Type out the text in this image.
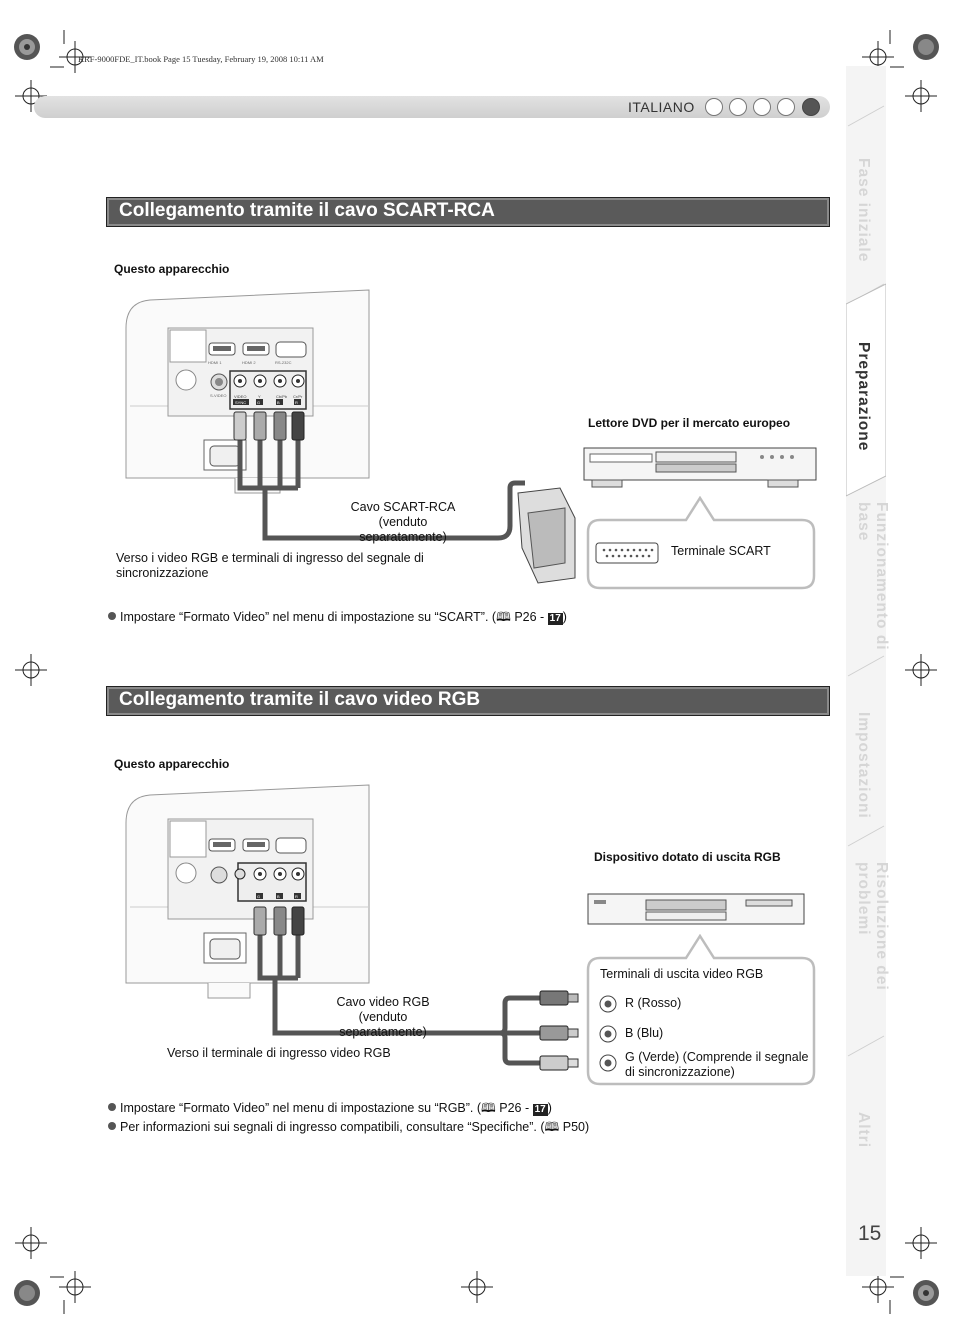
KRF-9000FDE_IT.book Page 15 Tuesday, February 19, 2008 10:11 AM
ITALIANO
Fase iniziale
Preparazione
Funzionamento di base
Impostazioni
Risoluzione dei problemi
Altri
15
Collegamento tramite il cavo SCART-RCA
Questo apparecchio
HDMI 1	HDMI 2	RS-232C
S-VIDEO VIDEO	Y	Cb/Pb Cr/Pr
SYNC	G	B	R
Cavo SCART-RCA
(venduto separatamente)
Verso i video RGB e terminali di ingresso del segnale di
sincronizzazione
Lettore DVD per il mercato europeo
Terminale SCART
Impostare “Formato Video” nel menu di impostazione su “SCART”. (🕮 P26 - 17 )
Collegamento tramite il cavo video RGB
Questo apparecchio
G	B	R
Cavo video RGB
(venduto separatamente)
Verso il terminale di ingresso video RGB
Dispositivo dotato di uscita RGB
Terminali di uscita video RGB
R (Rosso)
B (Blu)
G (Verde) (Comprende il segnale
di sincronizzazione)
Impostare “Formato Video” nel menu di impostazione su “RGB”. (🕮 P26 - 17 )
Per informazioni sui segnali di ingresso compatibili, consultare “Specifiche”. (🕮 P50)
